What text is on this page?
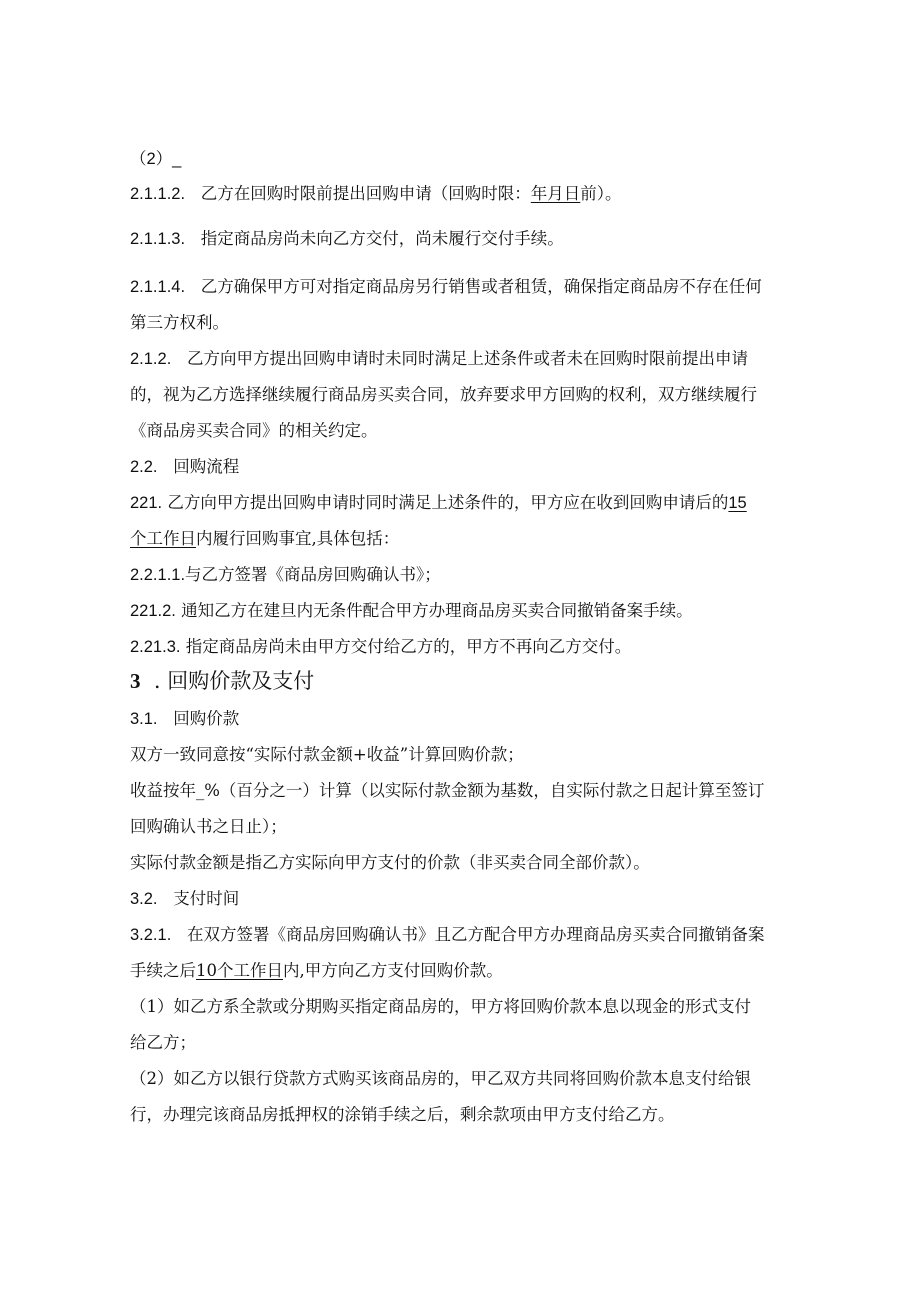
（2）_
2.1.1.2. 乙方在回购时限前提出回购申请（回购时限：年月日前）。
2.1.1.3. 指定商品房尚未向乙方交付，尚未履行交付手续。
2.1.1.4. 乙方确保甲方可对指定商品房另行销售或者租赁，确保指定商品房不存在任何
第三方权利。
2.1.2. 乙方向甲方提出回购申请时未同时满足上述条件或者未在回购时限前提出申请
的，视为乙方选择继续履行商品房买卖合同，放弃要求甲方回购的权利，双方继续履行
《商品房买卖合同》的相关约定。
2.2. 回购流程
221. 乙方向甲方提出回购申请时同时满足上述条件的，甲方应在收到回购申请后的15
个工作日内履行回购事宜,具体包括：
2.2.1.1.与乙方签署《商品房回购确认书》；
221.2. 通知乙方在建旦内无条件配合甲方办理商品房买卖合同撤销备案手续。
2.21.3. 指定商品房尚未由甲方交付给乙方的，甲方不再向乙方交付。
3 . 回购价款及支付
3.1. 回购价款
双方一致同意按“实际付款金额+收益”计算回购价款；
收益按年_%（百分之一）计算（以实际付款金额为基数，自实际付款之日起计算至签订
回购确认书之日止）；
实际付款金额是指乙方实际向甲方支付的价款（非买卖合同全部价款）。
3.2. 支付时间
3.2.1. 在双方签署《商品房回购确认书》且乙方配合甲方办理商品房买卖合同撤销备案
手续之后10个工作日内,甲方向乙方支付回购价款。
（1）如乙方系全款或分期购买指定商品房的，甲方将回购价款本息以现金的形式支付
给乙方；
（2）如乙方以银行贷款方式购买该商品房的，甲乙双方共同将回购价款本息支付给银
行，办理完该商品房抵押权的涂销手续之后，剩余款项由甲方支付给乙方。
